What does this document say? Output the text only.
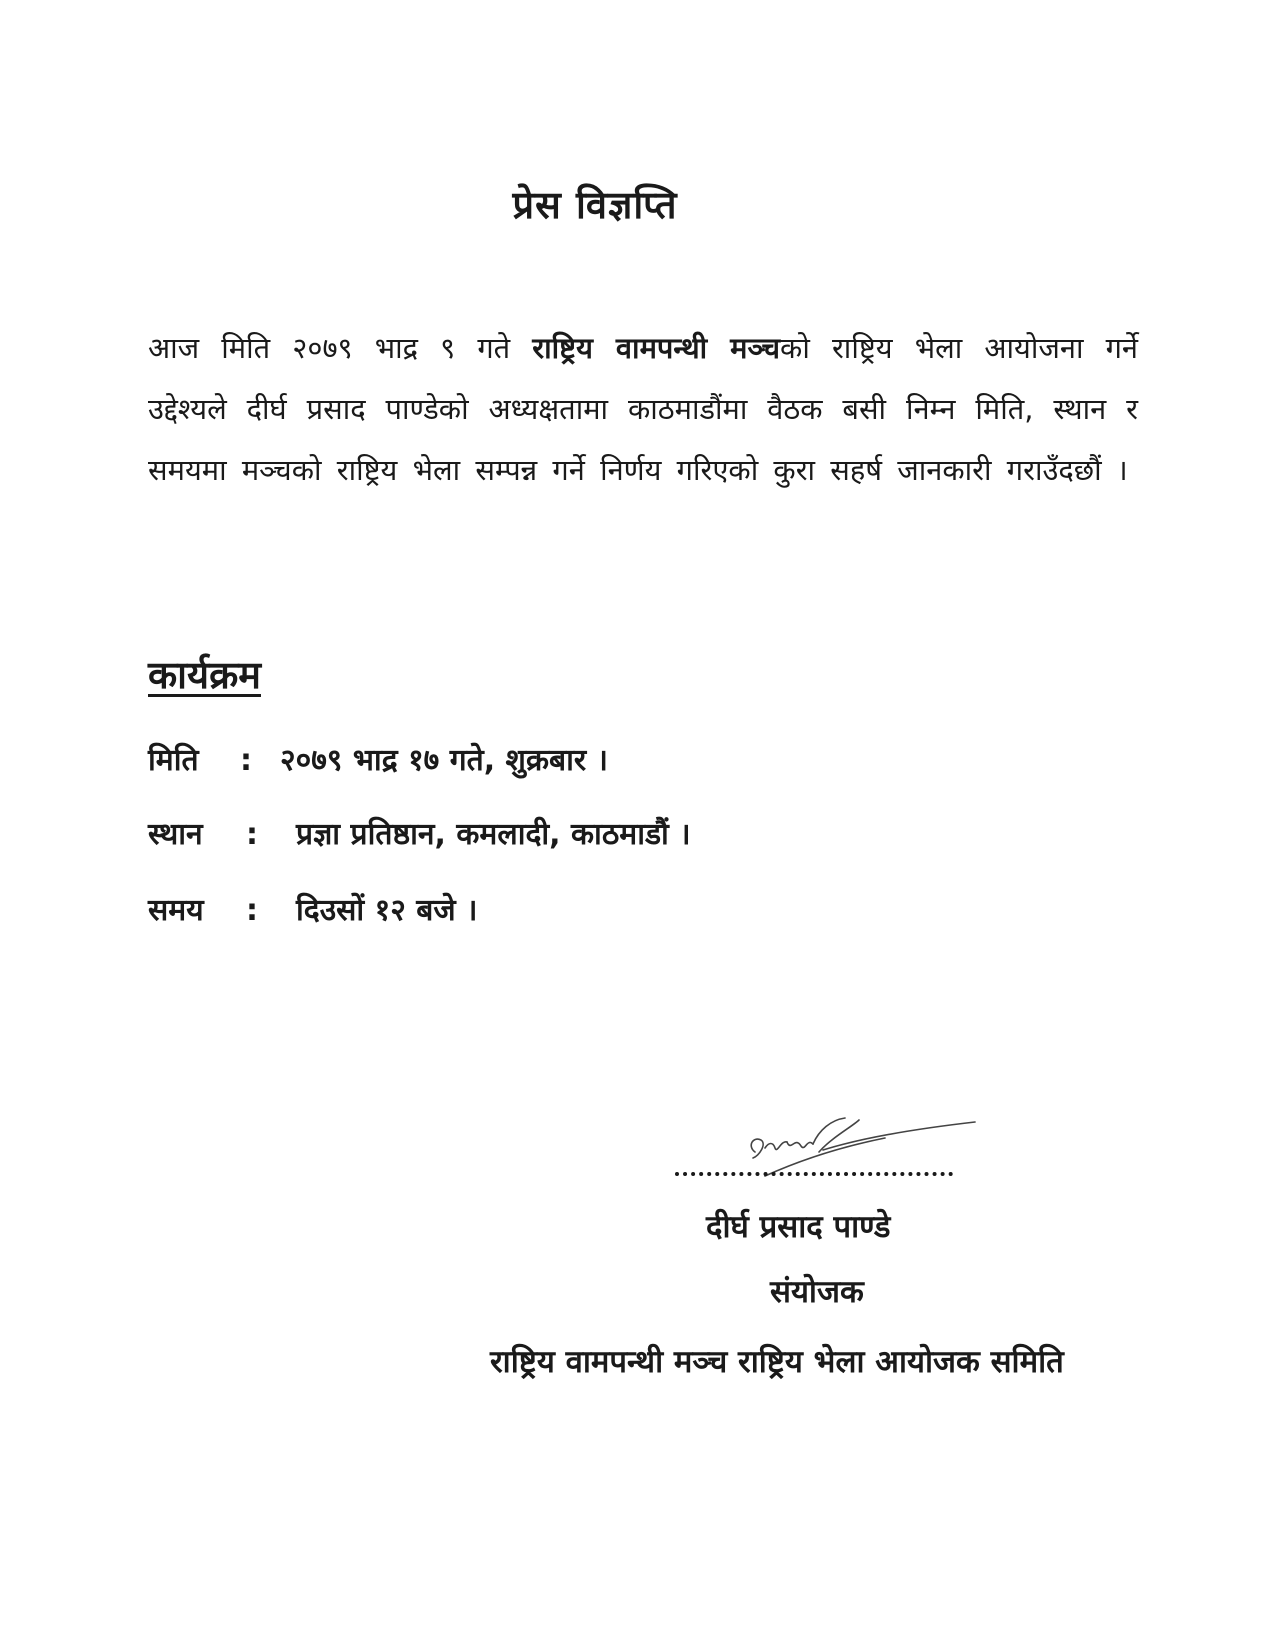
प्रेस विज्ञप्ति

आज मिति २०७९ भाद्र ९ गते राष्ट्रिय वामपन्थी मञ्चको राष्ट्रिय भेला आयोजना गर्ने उद्देश्यले दीर्घ प्रसाद पाण्डेको अध्यक्षतामा काठमाडौंमा वैठक बसी निम्न मिति, स्थान र समयमा मञ्चको राष्ट्रिय भेला सम्पन्न गर्ने निर्णय गरिएको कुरा सहर्ष जानकारी गराउँदछौं ।

कार्यक्रम
मिति : २०७९ भाद्र १७ गते, शुक्रबार ।
स्थान : प्रज्ञा प्रतिष्ठान, कमलादी, काठमाडौं ।
समय : दिउसों १२ बजे ।
दीर्घ प्रसाद पाण्डे
संयोजक
राष्ट्रिय वामपन्थी मञ्च राष्ट्रिय भेला आयोजक समिति
